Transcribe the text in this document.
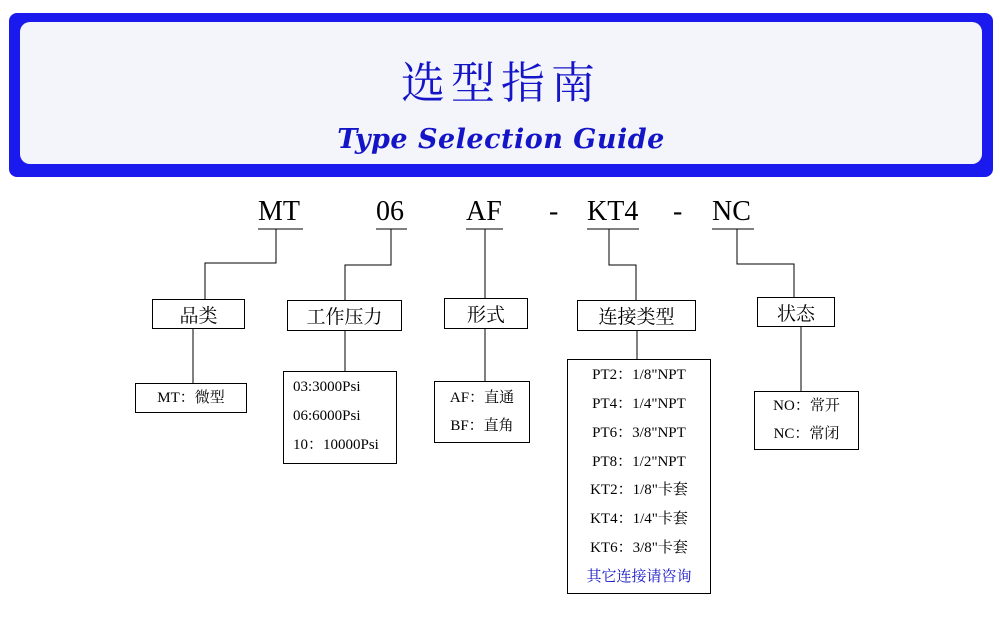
选型指南
Type Selection Guide
MT	06 AF - KT4 - NC
品类	工作压力	形式	连接类型	状态
MT：微型
03:3000Psi
06:6000Psi
10：10000Psi
AF：直通
BF：直角
PT2：1/8"NPT
PT4：1/4"NPT
PT6：3/8"NPT
PT8：1/2"NPT
KT2：1/8"卡套
KT4：1/4"卡套
KT6：3/8"卡套
其它连接请咨询
NO：常开
NC：常闭
